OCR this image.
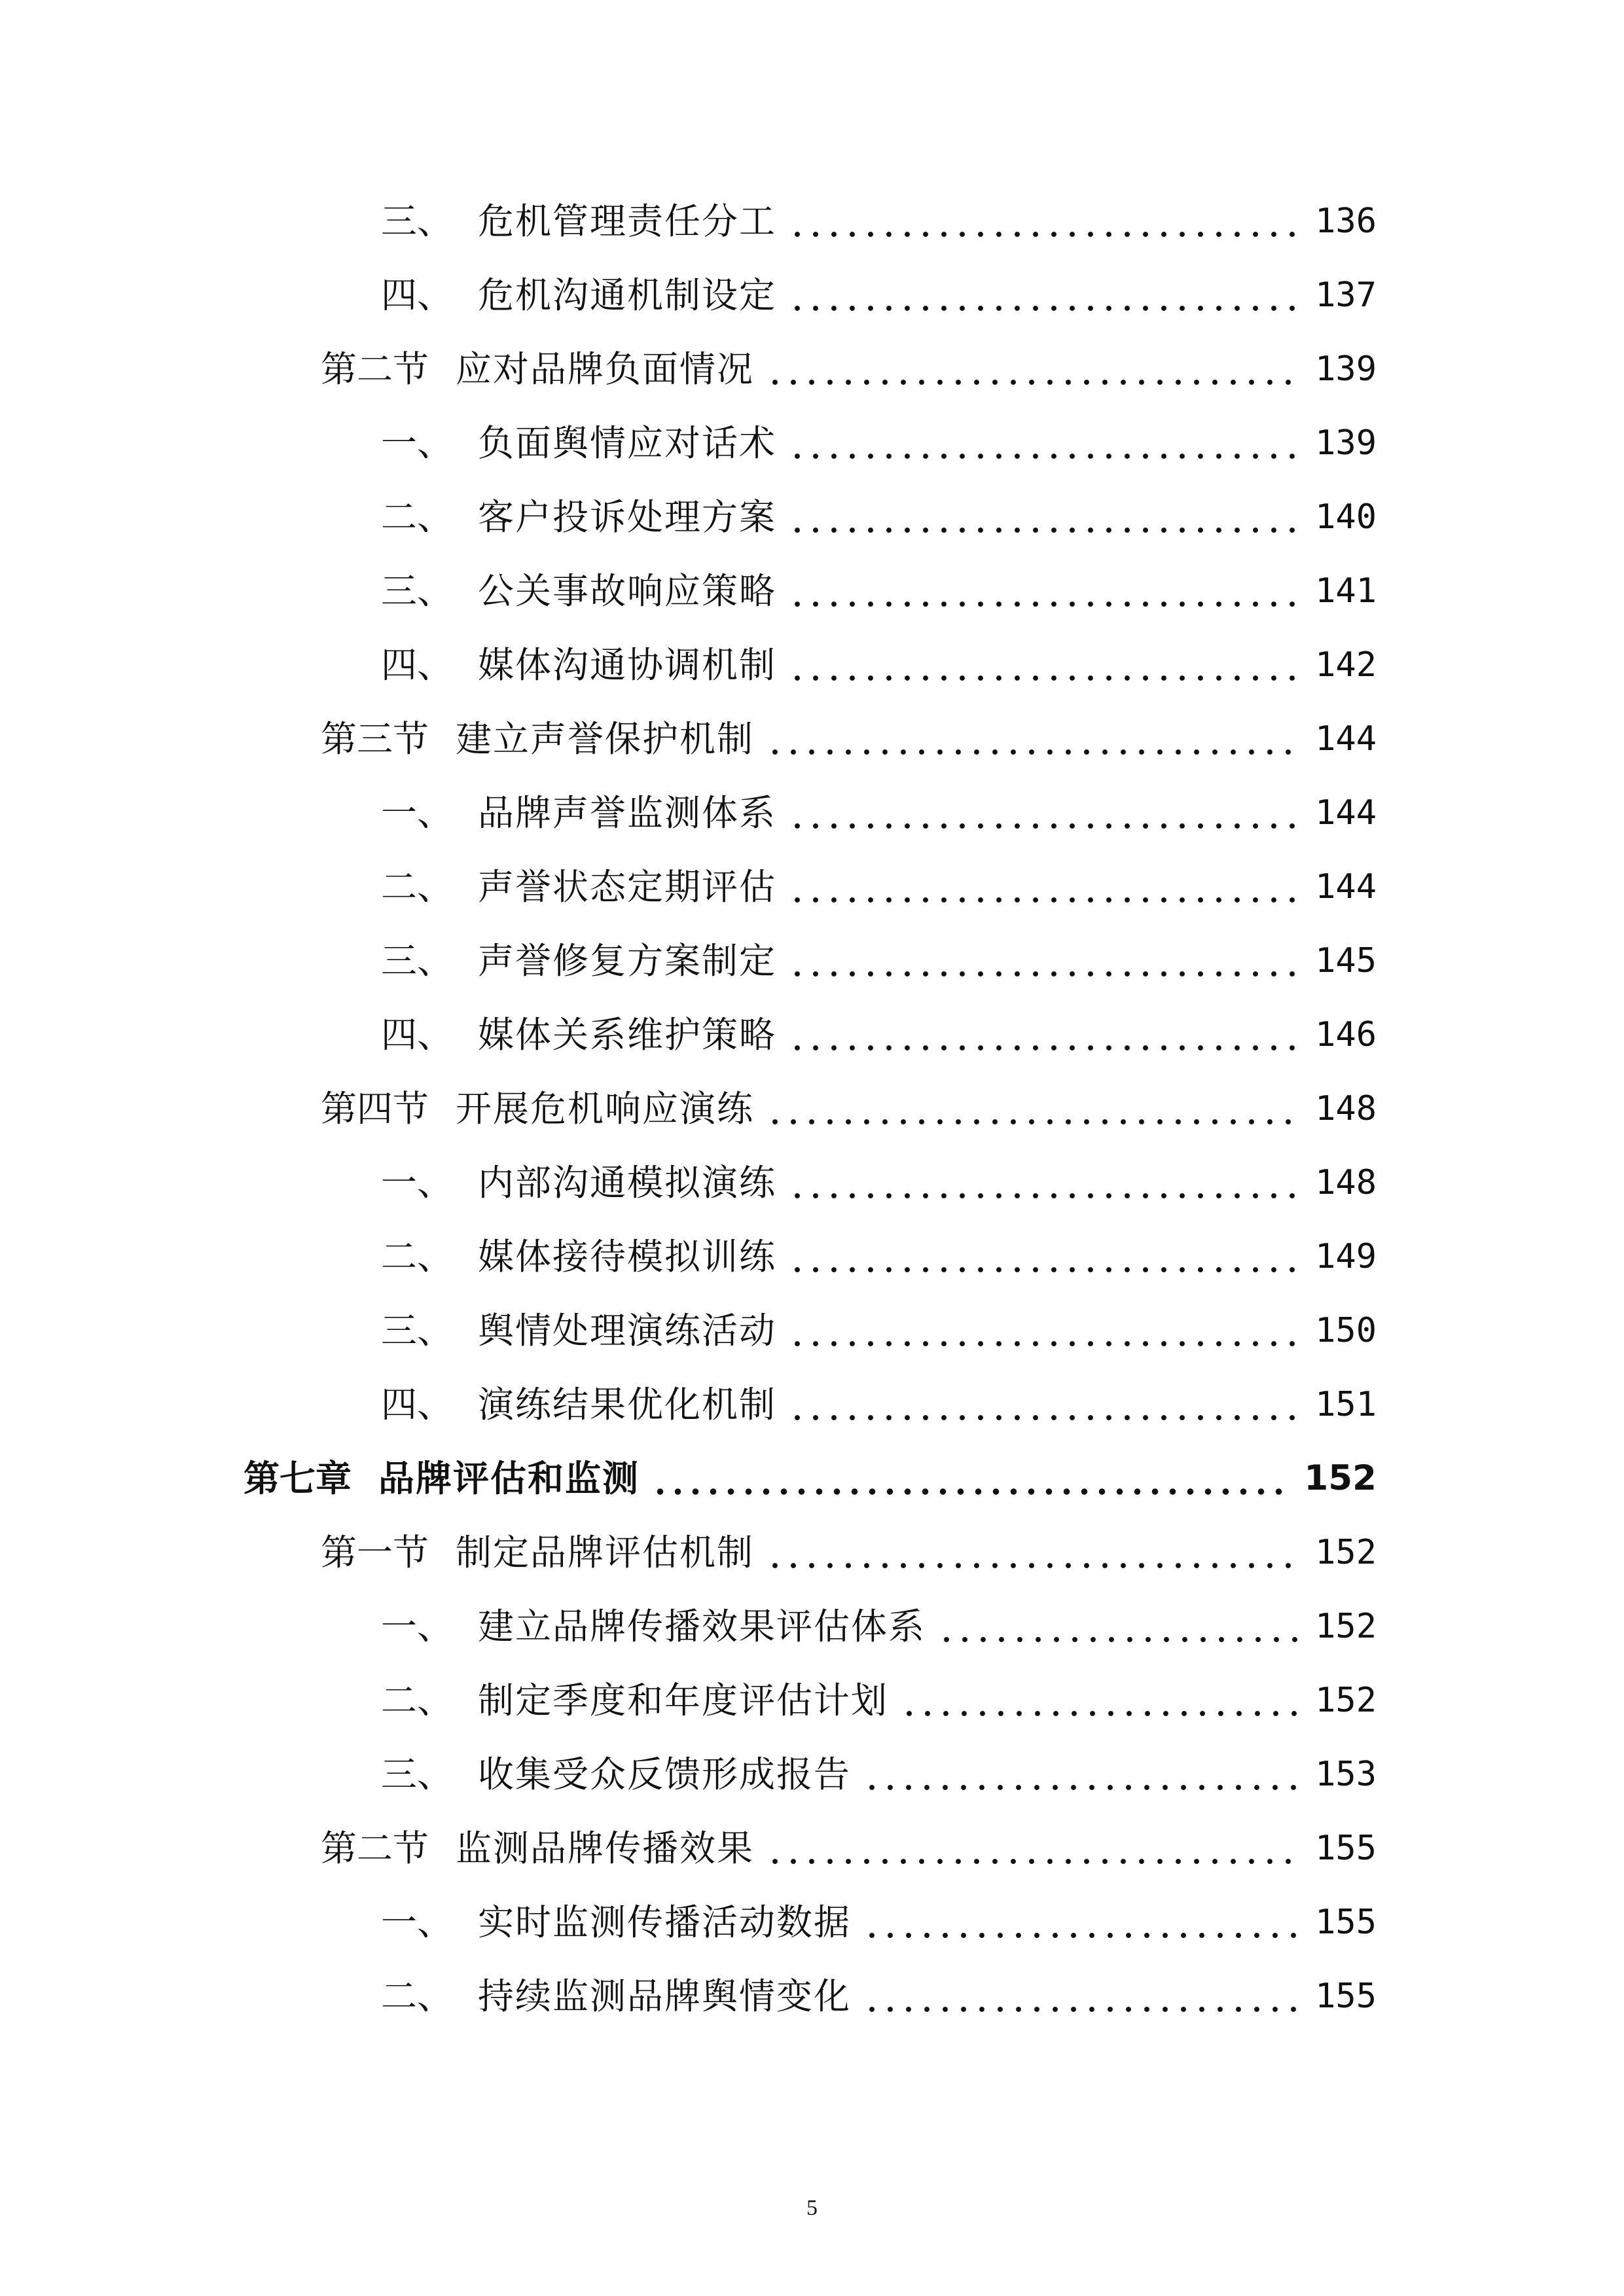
三、 危机管理责任分工	136
四、 危机沟通机制设定	137
第二节 应对品牌负面情况	139
一、 负面舆情应对话术	139
二、 客户投诉处理方案	140
三、 公关事故响应策略	141
四、 媒体沟通协调机制	142
第三节 建立声誉保护机制	144
一、 品牌声誉监测体系	144
二、 声誉状态定期评估	144
三、 声誉修复方案制定	145
四、 媒体关系维护策略	146
第四节 开展危机响应演练	148
一、 内部沟通模拟演练	148
二、 媒体接待模拟训练	149
三、 舆情处理演练活动	150
四、 演练结果优化机制	151
第七章 品牌评估和监测	152
第一节 制定品牌评估机制	152
一、 建立品牌传播效果评估体系	152
二、 制定季度和年度评估计划	152
三、 收集受众反馈形成报告	153
第二节 监测品牌传播效果	155
一、 实时监测传播活动数据	155
二、 持续监测品牌舆情变化	155
5
